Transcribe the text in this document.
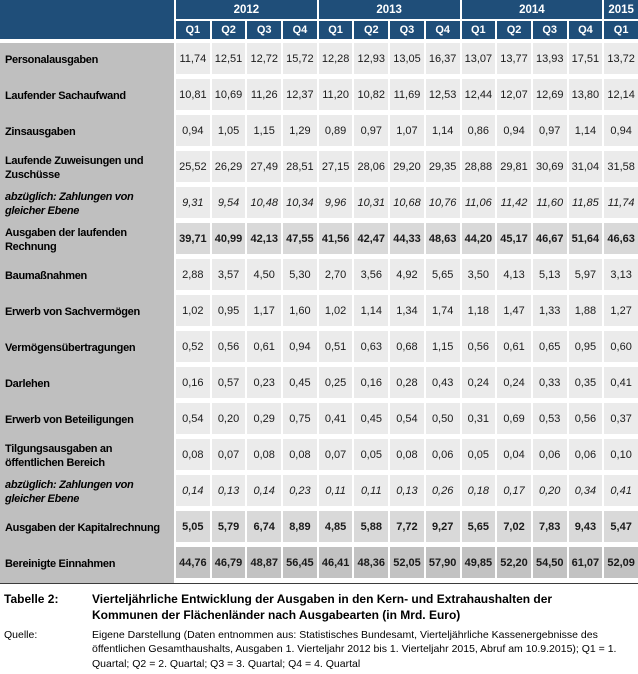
	2012				2013				2014				2015
	Q1	Q2	Q3	Q4	Q1	Q2	Q3	Q4	Q1	Q2	Q3	Q4	Q1
Personalausgaben	11,74	12,51	12,72	15,72	12,28	12,93	13,05	16,37	13,07	13,77	13,93	17,51	13,72
Laufender Sachaufwand	10,81	10,69	11,26	12,37	11,20	10,82	11,69	12,53	12,44	12,07	12,69	13,80	12,14
Zinsausgaben	0,94	1,05	1,15	1,29	0,89	0,97	1,07	1,14	0,86	0,94	0,97	1,14	0,94
Laufende Zuweisungen und Zuschüsse	25,52	26,29	27,49	28,51	27,15	28,06	29,20	29,35	28,88	29,81	30,69	31,04	31,58
abzüglich: Zahlungen von gleicher Ebene	9,31	9,54	10,48	10,34	9,96	10,31	10,68	10,76	11,06	11,42	11,60	11,85	11,74
Ausgaben der laufenden Rechnung	39,71	40,99	42,13	47,55	41,56	42,47	44,33	48,63	44,20	45,17	46,67	51,64	46,63
Baumaßnahmen	2,88	3,57	4,50	5,30	2,70	3,56	4,92	5,65	3,50	4,13	5,13	5,97	3,13
Erwerb von Sachvermögen	1,02	0,95	1,17	1,60	1,02	1,14	1,34	1,74	1,18	1,47	1,33	1,88	1,27
Vermögensübertragungen	0,52	0,56	0,61	0,94	0,51	0,63	0,68	1,15	0,56	0,61	0,65	0,95	0,60
Darlehen	0,16	0,57	0,23	0,45	0,25	0,16	0,28	0,43	0,24	0,24	0,33	0,35	0,41
Erwerb von Beteiligungen	0,54	0,20	0,29	0,75	0,41	0,45	0,54	0,50	0,31	0,69	0,53	0,56	0,37
Tilgungsausgaben an öffentlichen Bereich	0,08	0,07	0,08	0,08	0,07	0,05	0,08	0,06	0,05	0,04	0,06	0,06	0,10
abzüglich: Zahlungen von gleicher Ebene	0,14	0,13	0,14	0,23	0,11	0,11	0,13	0,26	0,18	0,17	0,20	0,34	0,41
Ausgaben der Kapitalrechnung	5,05	5,79	6,74	8,89	4,85	5,88	7,72	9,27	5,65	7,02	7,83	9,43	5,47
Bereinigte Einnahmen	44,76	46,79	48,87	56,45	46,41	48,36	52,05	57,90	49,85	52,20	54,50	61,07	52,09
Tabelle 2:	Vierteljährliche Entwicklung der Ausgaben in den Kern- und Extrahaushalten der Kommunen der Flächenländer nach Ausgabearten (in Mrd. Euro)
Quelle:	Eigene Darstellung (Daten entnommen aus: Statistisches Bundesamt, Vierteljährliche Kassenergebnisse des öffentlichen Gesamthaushalts, Ausgaben 1. Vierteljahr 2012 bis 1. Vierteljahr 2015, Abruf am 10.9.2015); Q1 = 1. Quartal; Q2 = 2. Quartal; Q3 = 3. Quartal; Q4 = 4. Quartal
